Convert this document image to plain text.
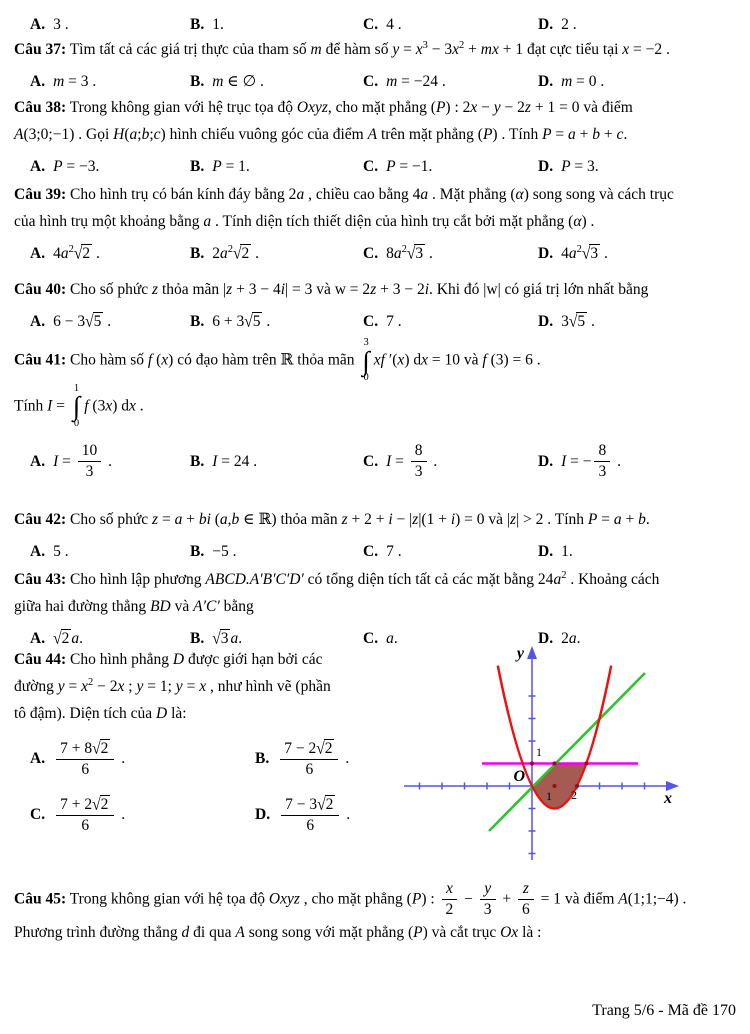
A. 3 .	B. 1.	C. 4 .	D. 2 .
Câu 37: Tìm tất cả các giá trị thực của tham số m để hàm số $y = x^3 - 3x^2$ + mx + 1 đạt cực tiểu tại x = −2 .
A. m = 3 .	B. m ∈ ∅ .	C. m = −24 .	D. m = 0 .
Câu 38: Trong không gian với hệ trục tọa độ Oxyz, cho mặt phẳng (P) : 2x − y − 2z + 1 = 0 và điểm
A(3;0;−1) . Gọi H(a;b;c) hình chiếu vuông góc của điểm A trên mặt phẳng (P) . Tính P = a + b + c.
A. P = −3.	B. P = 1.	C. P = −1.	D. P = 3.
Câu 39: Cho hình trụ có bán kính đáy bằng 2a , chiều cao bằng 4a . Mặt phẳng (α) song song và cách trục
của hình trụ một khoảng bằng a . Tính diện tích thiết diện của hình trụ cắt bởi mặt phẳng (α) .
A. $4a^2√2$ .	B. $2a^2√2$ .	C. $8a^2√3$ .	D. $4a^2√3$ .
Câu 40: Cho số phức z thỏa mãn |z + 3 − 4i| = 3 và w = 2z + 3 − 2i. Khi đó |w| có giá trị lớn nhất bằng
A. 6 − 3√5 .	B. 6 + 3√5 .	C. 7 .	D. 3√5 .
Câu 41: Cho hàm số f (x) có đạo hàm trên ℝ thỏa mãn
3
∫
0
xf ′(x) dx = 10 và f (3) = 6 .
Tính I =
1
∫
0
f (3x) dx .
A. $I = \frac{10}{3}$ .	B. I = 24 .	C. $I = \frac{8}{3}$ .	D. I = − $\frac{8}{3}$ .
Câu 42: Cho số phức z = a + bi (a,b ∈ ℝ) thỏa mãn z + 2 + i − |z|(1 + i) = 0 và |z| > 2 . Tính P = a + b.
A. 5 .	B. −5 .	C. 7 .	D. 1.
Câu 43: Cho hình lập phương ABCD.A′B′C′D′ có tổng diện tích tất cả các mặt bằng $24a^2$ . Khoảng cách
giữa hai đường thẳng BD và A′C′ bằng
A. √2 a.	B. √3 a.	C. a.	D. 2a.
Câu 44: Cho hình phẳng D được giới hạn bởi các
đường $y = x^2 - 2x$ ; y = 1; y = x , như hình vẽ (phần
tô đậm). Diện tích của D là:
A. $\frac{7 + 8√2}{6}$ .	B. $\frac{7 - 2√2}{6}$ .
C. $\frac{7 + 2√2}{6}$ .	D. $\frac{7 - 3√2}{6}$ .
Câu 45: Trong không gian với hệ tọa độ Oxyz , cho mặt phẳng (P) : $\frac{x}{2} - \frac{y}{3} + \frac{z}{6} = 1$ và điểm A(1;1;−4) .
Phương trình đường thẳng d đi qua A song song với mặt phẳng (P) và cắt trục Ox là :
O
x
y
1
1 2
Trang 5/6 - Mã đề 170
